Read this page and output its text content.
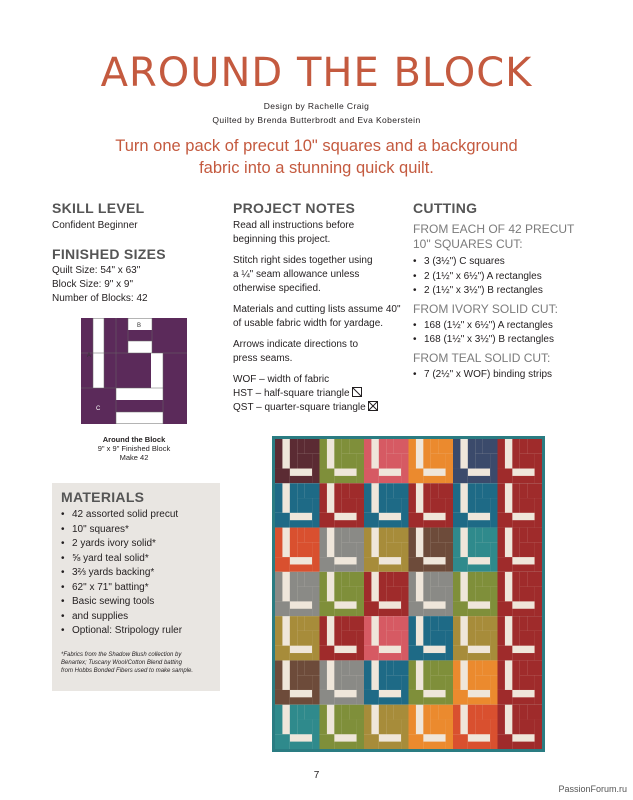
AROUND THE BLOCK
Design by Rachelle Craig
Quilted by Brenda Butterbrodt and Eva Koberstein
Turn one pack of precut 10" squares and a background
fabric into a stunning quick quilt.
SKILL LEVEL
Confident Beginner
FINISHED SIZES
Quilt Size: 54" x 63"
Block Size: 9" x 9"
Number of Blocks: 42
A
B
C
Around the Block
9" x 9" Finished Block
Make 42
MATERIALS
• 42 assorted solid precut
• 10" squares*
• 2 yards ivory solid*
• ⅝ yard teal solid*
• 3⅔ yards backing*
• 62" x 71" batting*
• Basic sewing tools
• and supplies
• Optional: Stripology ruler
*Fabrics from the Shadow Blush collection by
Benartex; Tuscany Wool/Cotton Blend batting
from Hobbs Bonded Fibers used to make sample.
PROJECT NOTES
Read all instructions before
beginning this project.
Stitch right sides together using
a ¼" seam allowance unless
otherwise specified.
Materials and cutting lists assume 40"
of usable fabric width for yardage.
Arrows indicate directions to
press seams.
WOF – width of fabric
HST – half-square triangle
QST – quarter-square triangle
CUTTING
FROM EACH OF 42 PRECUT
10" SQUARES CUT:
• 3 (3½") C squares
• 2 (1½" x 6½") A rectangles
• 2 (1½" x 3½") B rectangles
FROM IVORY SOLID CUT:
• 168 (1½" x 6½") A rectangles
• 168 (1½" x 3½") B rectangles
FROM TEAL SOLID CUT:
• 7 (2½" x WOF) binding strips
7
PassionForum.ru
